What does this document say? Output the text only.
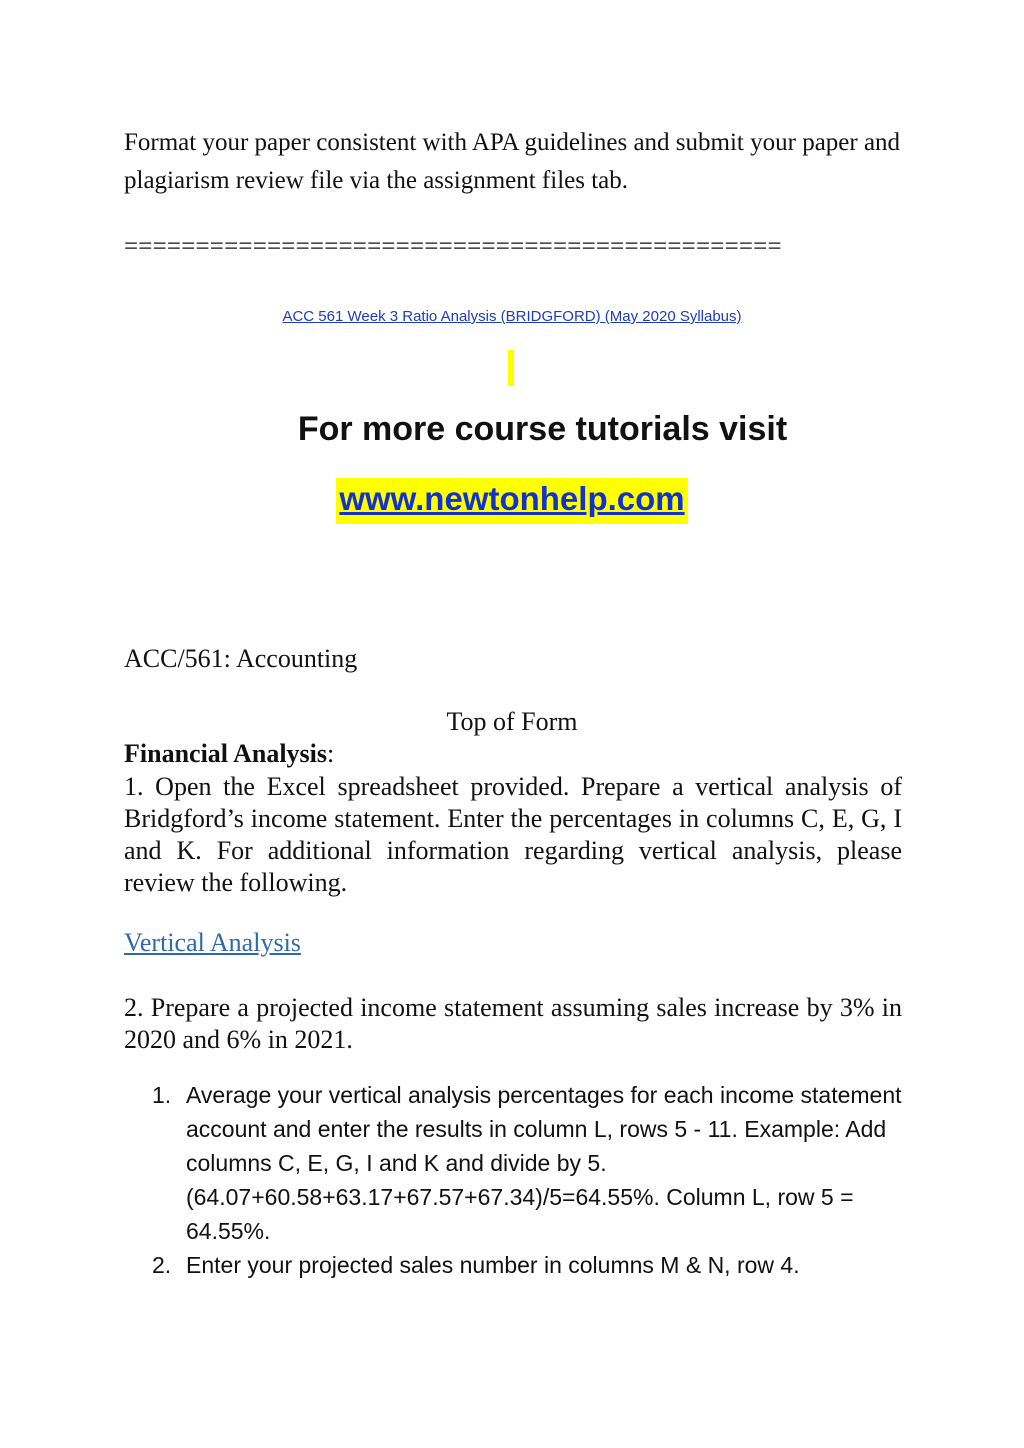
Format your paper consistent with APA guidelines and submit your paper and plagiarism review file via the assignment files tab.
==============================================
ACC 561 Week 3 Ratio Analysis (BRIDGFORD) (May 2020 Syllabus)
For more course tutorials visit
www.newtonhelp.com
ACC/561: Accounting
Top of Form
Financial Analysis:
1. Open the Excel spreadsheet provided. Prepare a vertical analysis of Bridgford’s income statement. Enter the percentages in columns C, E, G, I and K. For additional information regarding vertical analysis, please review the following.
Vertical Analysis
2. Prepare a projected income statement assuming sales increase by 3% in 2020 and 6% in 2021.
1. Average your vertical analysis percentages for each income statement account and enter the results in column L, rows 5 - 11. Example: Add columns C, E, G, I and K and divide by 5. (64.07+60.58+63.17+67.57+67.34)/5=64.55%. Column L, row 5 = 64.55%.
2. Enter your projected sales number in columns M & N, row 4.
